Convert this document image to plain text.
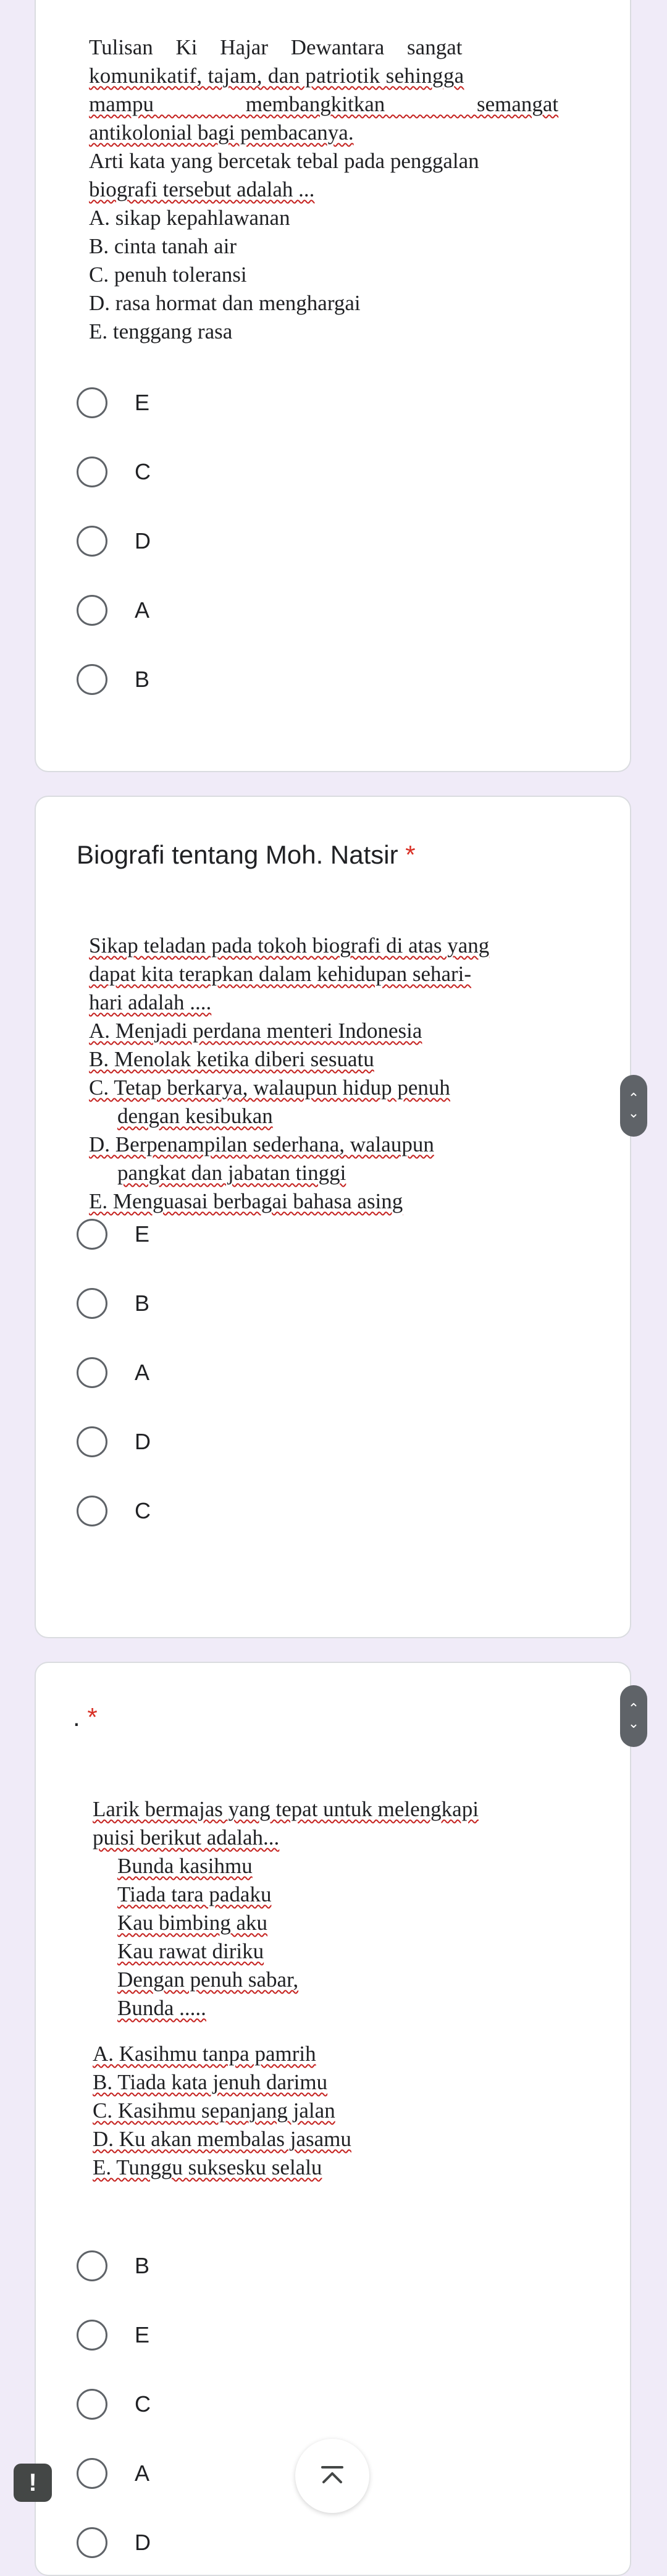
Tulisan Ki Hajar Dewantara sangat
komunikatif, tajam, dan patriotik sehingga
mampu membangkitkan semangat
antikolonial bagi pembacanya.
Arti kata yang bercetak tebal pada penggalan
biografi tersebut adalah ...
A. sikap kepahlawanan
B. cinta tanah air
C. penuh toleransi
D. rasa hormat dan menghargai
E. tenggang rasa
E
C
D
A
B
Biografi tentang Moh. Natsir *
Sikap teladan pada tokoh biografi di atas yang
dapat kita terapkan dalam kehidupan sehari-
hari adalah ....
A. Menjadi perdana menteri Indonesia
B. Menolak ketika diberi sesuatu
C. Tetap berkarya, walaupun hidup penuh
dengan kesibukan
D. Berpenampilan sederhana, walaupun
pangkat dan jabatan tinggi
E. Menguasai berbagai bahasa asing
E
B
A
D
C
. *
Larik bermajas yang tepat untuk melengkapi
puisi berikut adalah...
Bunda kasihmu
Tiada tara padaku
Kau bimbing aku
Kau rawat diriku
Dengan penuh sabar,
Bunda .....
A. Kasihmu tanpa pamrih
B. Tiada kata jenuh darimu
C. Kasihmu sepanjang jalan
D. Ku akan membalas jasamu
E. Tunggu suksesku selalu
B
E
C
A
D
⌃
⌄
⌃
⌄
!
